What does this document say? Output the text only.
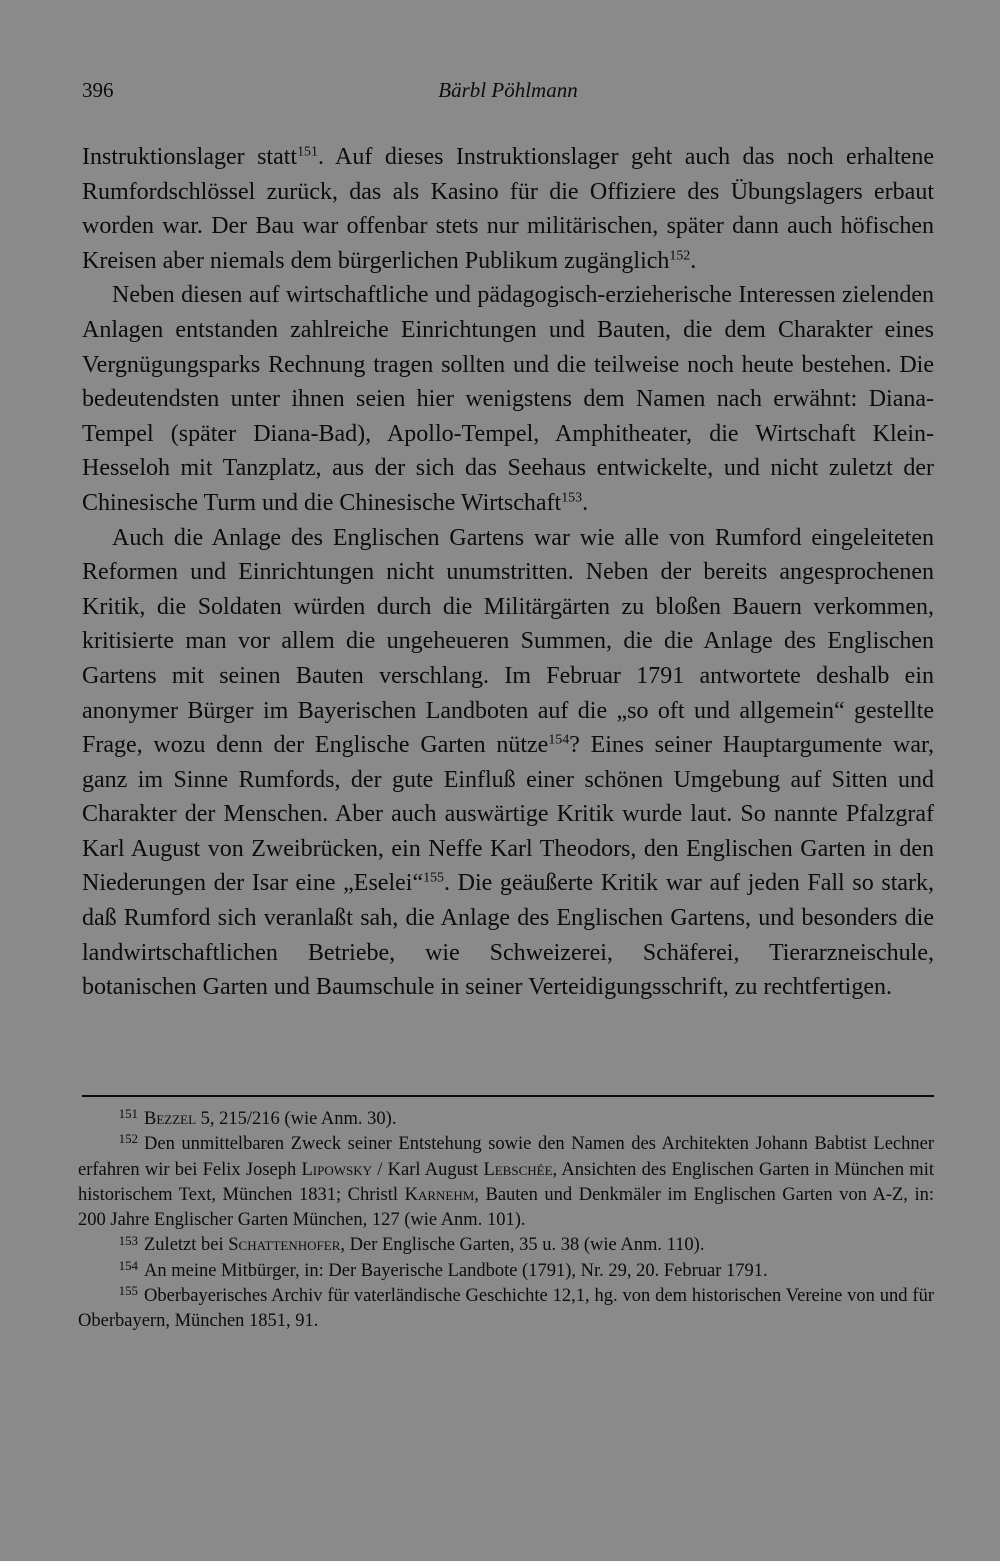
396	Bärbl Pöhlmann

Instruktionslager statt$^{151}$. Auf dieses Instruktionslager geht auch das noch erhaltene Rumfordschlössel zurück, das als Kasino für die Offiziere des Übungslagers erbaut worden war. Der Bau war offenbar stets nur militärischen, später dann auch höfischen Kreisen aber niemals dem bürgerlichen Publikum zugänglich$^{152}$.

Neben diesen auf wirtschaftliche und pädagogisch-erzieherische Interessen zielenden Anlagen entstanden zahlreiche Einrichtungen und Bauten, die dem Charakter eines Vergnügungsparks Rechnung tragen sollten und die teilweise noch heute bestehen. Die bedeutendsten unter ihnen seien hier wenigstens dem Namen nach erwähnt: Diana-Tempel (später Diana-Bad), Apollo-Tempel, Amphitheater, die Wirtschaft Klein-Hesseloh mit Tanzplatz, aus der sich das Seehaus entwickelte, und nicht zuletzt der Chinesische Turm und die Chinesische Wirtschaft$^{153}$.

Auch die Anlage des Englischen Gartens war wie alle von Rumford eingeleiteten Reformen und Einrichtungen nicht unumstritten. Neben der bereits angesprochenen Kritik, die Soldaten würden durch die Militärgärten zu bloßen Bauern verkommen, kritisierte man vor allem die ungeheueren Summen, die die Anlage des Englischen Gartens mit seinen Bauten verschlang. Im Februar 1791 antwortete deshalb ein anonymer Bürger im Bayerischen Landboten auf die „so oft und allgemein“ gestellte Frage, wozu denn der Englische Garten nütze$^{154}$? Eines seiner Hauptargumente war, ganz im Sinne Rumfords, der gute Einfluß einer schönen Umgebung auf Sitten und Charakter der Menschen. Aber auch auswärtige Kritik wurde laut. So nannte Pfalzgraf Karl August von Zweibrücken, ein Neffe Karl Theodors, den Englischen Garten in den Niederungen der Isar eine „Eselei“$^{155}$. Die geäußerte Kritik war auf jeden Fall so stark, daß Rumford sich veranlaßt sah, die Anlage des Englischen Gartens, und besonders die landwirtschaftlichen Betriebe, wie Schweizerei, Schäferei, Tierarzneischule, botanischen Garten und Baumschule in seiner Verteidigungsschrift, zu rechtfertigen.

151 Bezzel 5, 215/216 (wie Anm. 30).

152 Den unmittelbaren Zweck seiner Entstehung sowie den Namen des Architekten Johann Babtist Lechner erfahren wir bei Felix Joseph Lipowsky / Karl August Lebschée, Ansichten des Englischen Garten in München mit historischem Text, München 1831; Christl Karnehm, Bauten und Denkmäler im Englischen Garten von A-Z, in: 200 Jahre Englischer Garten München, 127 (wie Anm. 101).

153 Zuletzt bei Schattenhofer, Der Englische Garten, 35 u. 38 (wie Anm. 110).

154 An meine Mitbürger, in: Der Bayerische Landbote (1791), Nr. 29, 20. Februar 1791.

155 Oberbayerisches Archiv für vaterländische Geschichte 12,1, hg. von dem historischen Vereine von und für Oberbayern, München 1851, 91.
